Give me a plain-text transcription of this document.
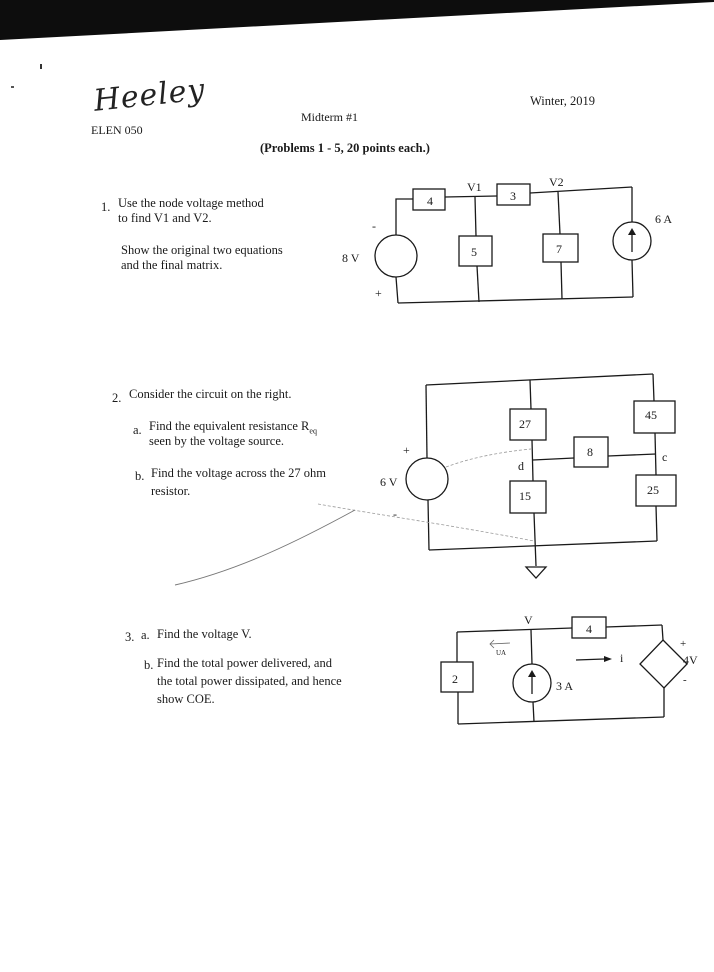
Heeley
ELEN 050
Midterm #1
Winter, 2019
(Problems 1 - 5, 20 points each.)
1. Use the node voltage method
to find V1 and V2.
Show the original two equations
and the final matrix.
4	3
5	7
V1	V2
8 V
-
+
6 A
2. Consider the circuit on the right.
a. Find the equivalent resistance $R_{eq}$
seen by the voltage source.
b. Find the voltage across the 27 ohm
resistor.
27
15
8
45
25
d
c
6 V
+
-
3. a. Find the voltage V.
b. Find the total power delivered, and
the total power dissipated, and hence
show COE.
UA
V
4
2	3 A
i	4V
+
-
